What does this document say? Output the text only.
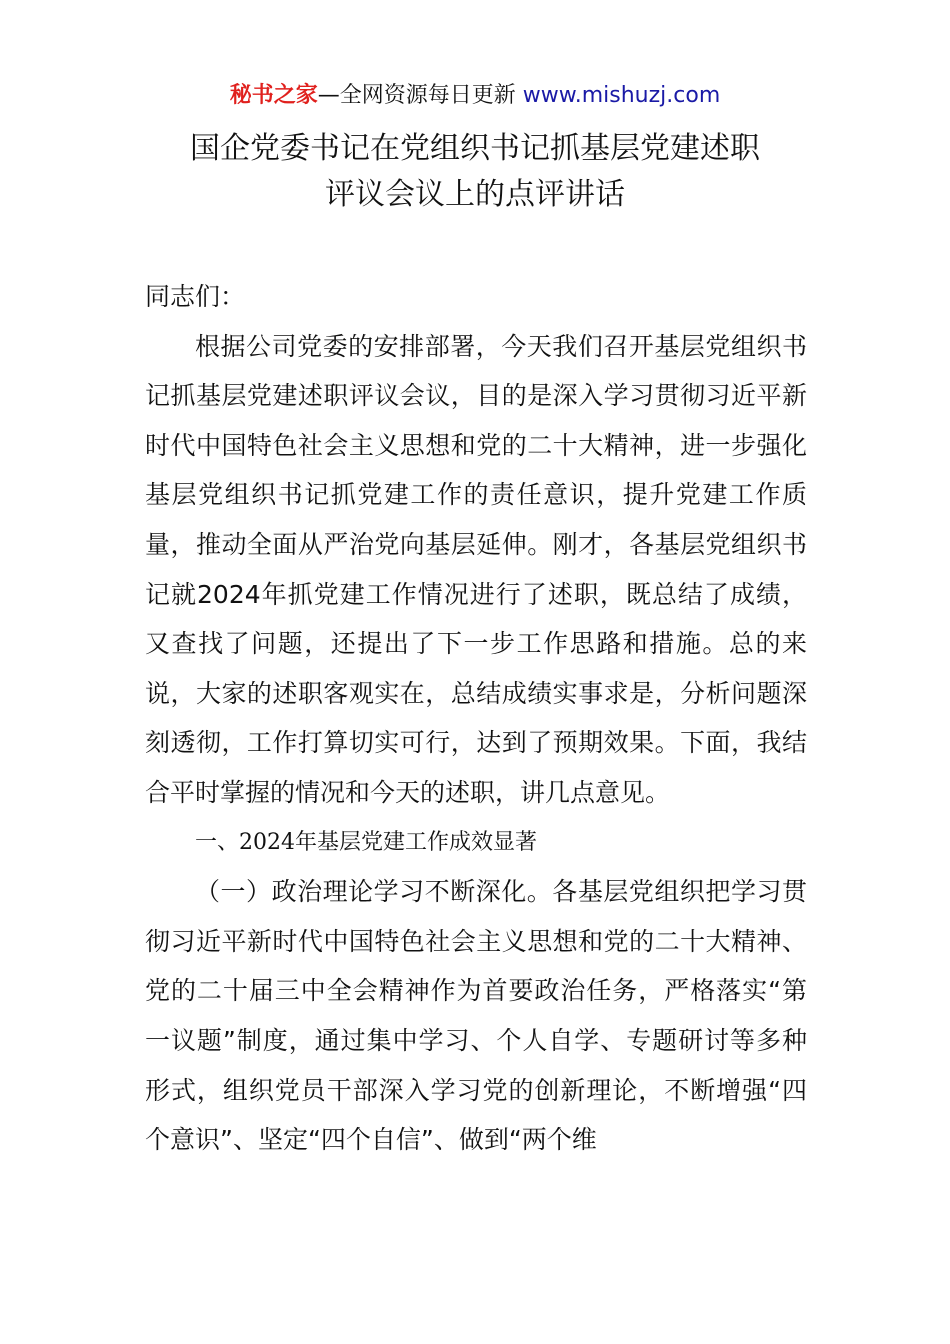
秘书之家—全网资源每日更新 www.mishuzj.com
国企党委书记在党组织书记抓基层党建述职
评议会议上的点评讲话

同志们：

根据公司党委的安排部署，今天我们召开基层党组织书记抓基层党建述职评议会议，目的是深入学习贯彻习近平新时代中国特色社会主义思想和党的二十大精神，进一步强化基层党组织书记抓党建工作的责任意识，提升党建工作质量，推动全面从严治党向基层延伸。刚才，各基层党组织书记就2024年抓党建工作情况进行了述职，既总结了成绩，又查找了问题，还提出了下一步工作思路和措施。总的来说，大家的述职客观实在，总结成绩实事求是，分析问题深刻透彻，工作打算切实可行，达到了预期效果。下面，我结合平时掌握的情况和今天的述职，讲几点意见。

一、2024年基层党建工作成效显著

（一）政治理论学习不断深化。各基层党组织把学习贯彻习近平新时代中国特色社会主义思想和党的二十大精神、党的二十届三中全会精神作为首要政治任务，严格落实“第一议题”制度，通过集中学习、个人自学、专题研讨等多种形式，组织党员干部深入学习党的创新理论，不断增强“四个意识”、坚定“四个自信”、做到“两个维
